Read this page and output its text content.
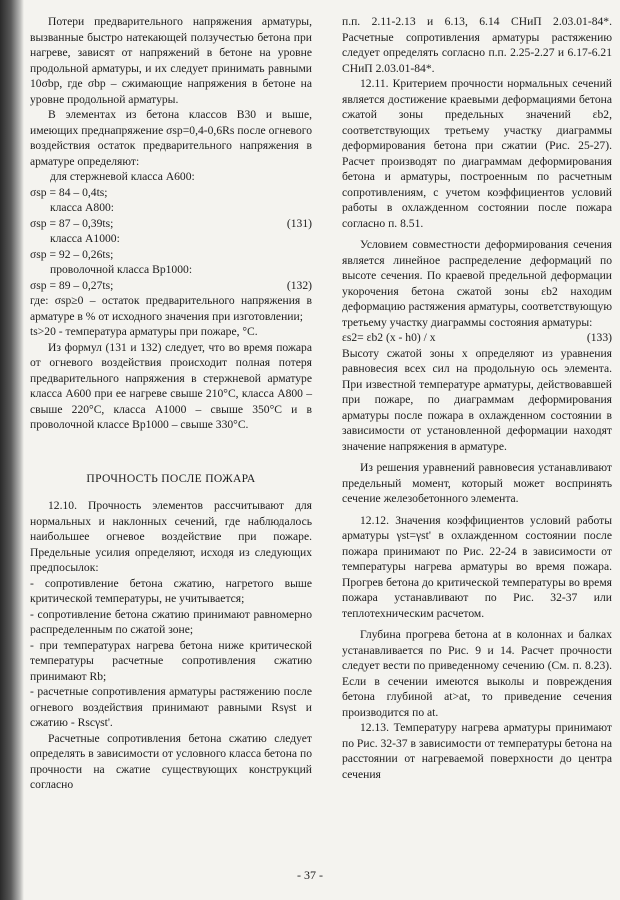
Потери предварительного напряжения арматуры, вызванные быстро натекающей ползучестью бетона при нагреве, зависят от напряжений в бетоне на уровне продольной арматуры, и их следует принимать равными 10σbp, где σbp – сжимающие напряжения в бетоне на уровне продольной арматуры.

В элементах из бетона классов В30 и выше, имеющих преднапряжение σsp=0,4-0,6Rs после огневого воздействия остаток предварительного напряжения в арматуре определяют:

для стержневой класса А600:

σsp = 84 – 0,4ts;

класса А800:

σsp = 87 – 0,39ts;	(131)

класса А1000:

σsp = 92 – 0,26ts;

проволочной класса Вр1000:

σsp = 89 – 0,27ts;	(132)

где: σsp≥0 – остаток предварительного напряжения в арматуре в % от исходного значения при изготовлении;

ts>20 - температура арматуры при пожаре, °С.

Из формул (131 и 132) следует, что во время пожара от огневого воздействия происходит полная потеря предварительного напряжения в стержневой арматуре класса А600 при ее нагреве свыше 210°С, класса А800 – свыше 220°С, класса А1000 – свыше 350°С и в проволочной классе Вр1000 – свыше 330°С.

ПРОЧНОСТЬ ПОСЛЕ ПОЖАРА

12.10. Прочность элементов рассчитывают для нормальных и наклонных сечений, где наблюдалось наибольшее огневое воздействие при пожаре. Предельные усилия определяют, исходя из следующих предпосылок:

- сопротивление бетона сжатию, нагретого выше критической температуры, не учитывается;

- сопротивление бетона сжатию принимают равномерно распределенным по сжатой зоне;

- при температурах нагрева бетона ниже критической температуры расчетные сопротивления сжатию принимают Rb;

- расчетные сопротивления арматуры растяжению после огневого воздействия принимают равными Rsγst и сжатию - Rscγst'.

Расчетные сопротивления бетона сжатию следует определять в зависимости от условного класса бетона по прочности на сжатие существующих конструкций согласно

п.п. 2.11-2.13 и 6.13, 6.14 СНиП 2.03.01-84*. Расчетные сопротивления арматуры растяжению следует определять согласно п.п. 2.25-2.27 и 6.17-6.21 СНиП 2.03.01-84*.

12.11. Критерием прочности нормальных сечений является достижение краевыми деформациями бетона сжатой зоны предельных значений εb2, соответствующих третьему участку диаграммы деформирования бетона при сжатии (Рис. 25-27). Расчет производят по диаграммам деформирования бетона и арматуры, построенным по расчетным сопротивлениям, с учетом коэффициентов условий работы в охлажденном состоянии после пожара согласно п. 8.51.

Условием совместности деформирования сечения является линейное распределение деформаций по высоте сечения. По краевой предельной деформации укорочения бетона сжатой зоны εb2 находим деформацию растяжения арматуры, соответствующую третьему участку диаграммы состояния арматуры:

εs2= εb2 (x - h0) / x	(133)

Высоту сжатой зоны x определяют из уравнения равновесия всех сил на продольную ось элемента. При известной температуре арматуры, действовавшей при пожаре, по диаграммам деформирования арматуры после пожара в охлажденном состоянии в зависимости от установленной деформации находят значение напряжения в арматуре.

Из решения уравнений равновесия устанавливают предельный момент, который может воспринять сечение железобетонного элемента.

12.12. Значения коэффициентов условий работы арматуры γst=γst' в охлажденном состоянии после пожара принимают по Рис. 22-24 в зависимости от температуры нагрева арматуры во время пожара. Прогрев бетона до критической температуры во время пожара устанавливают по Рис. 32-37 или теплотехническим расчетом.

Глубина прогрева бетона at в колоннах и балках устанавливается по Рис. 9 и 14. Расчет прочности следует вести по приведенному сечению (См. п. 8.23). Если в сечении имеются выколы и повреждения бетона глубиной at>at, то приведение сечения производится по at.

12.13. Температуру нагрева арматуры принимают по Рис. 32-37 в зависимости от температуры бетона на расстоянии от нагреваемой поверхности до центра сечения

- 37 -
